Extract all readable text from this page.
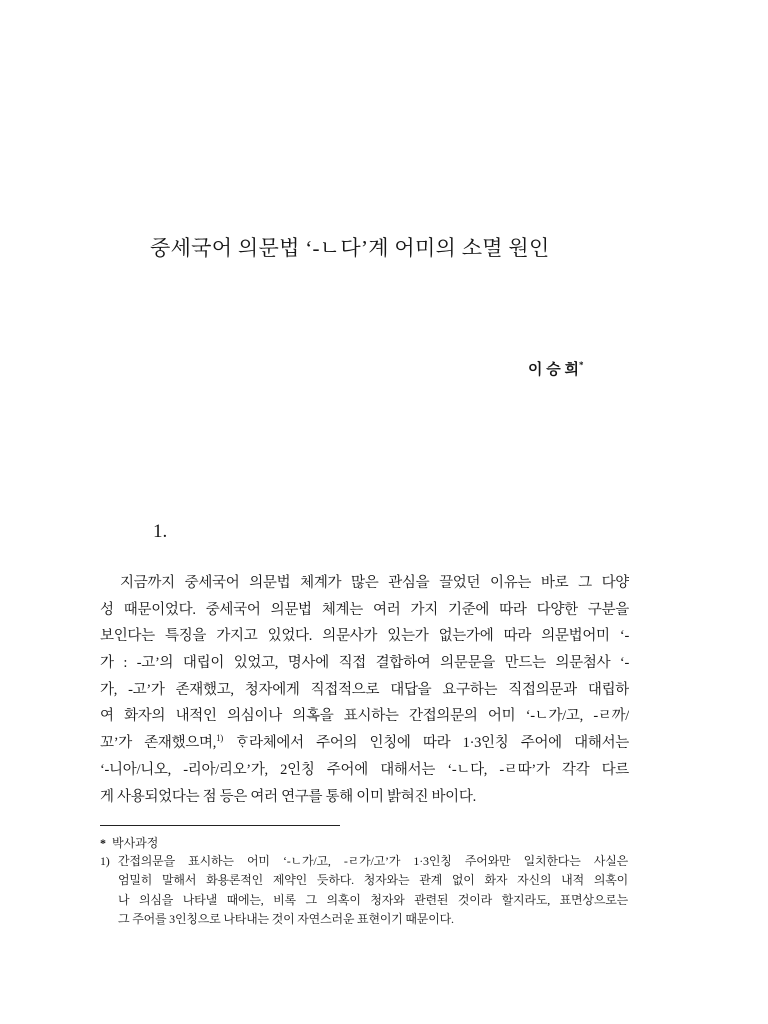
중세국어 의문법 ‘-ㄴ다’계 어미의 소멸 원인
이 승 희*
1.
지금까지 중세국어 의문법 체계가 많은 관심을 끌었던 이유는 바로 그 다양
성 때문이었다. 중세국어 의문법 체계는 여러 가지 기준에 따라 다양한 구분을
보인다는 특징을 가지고 있었다. 의문사가 있는가 없는가에 따라 의문법어미 ‘-
가 : -고’의 대립이 있었고, 명사에 직접 결합하여 의문문을 만드는 의문첨사 ‘-
가, -고’가 존재했고, 청자에게 직접적으로 대답을 요구하는 직접의문과 대립하
여 화자의 내적인 의심이나 의혹을 표시하는 간접의문의 어미 ‘-ㄴ가/고, -ㄹ까/
꼬’가 존재했으며,$^{1)}$ ᄒᆞ라체에서 주어의 인칭에 따라 1·3인칭 주어에 대해서는
‘-니아/니오, -리아/리오’가, 2인칭 주어에 대해서는 ‘-ㄴ다, -ㄹ따’가 각각 다르
게 사용되었다는 점 등은 여러 연구를 통해 이미 밝혀진 바이다.
* 박사과정
1) 간접의문을 표시하는 어미 ‘-ㄴ가/고, -ㄹ가/고’가 1·3인칭 주어와만 일치한다는 사실은
엄밀히 말해서 화용론적인 제약인 듯하다. 청자와는 관계 없이 화자 자신의 내적 의혹이
나 의심을 나타낼 때에는, 비록 그 의혹이 청자와 관련된 것이라 할지라도, 표면상으로는
그 주어를 3인칭으로 나타내는 것이 자연스러운 표현이기 때문이다.
